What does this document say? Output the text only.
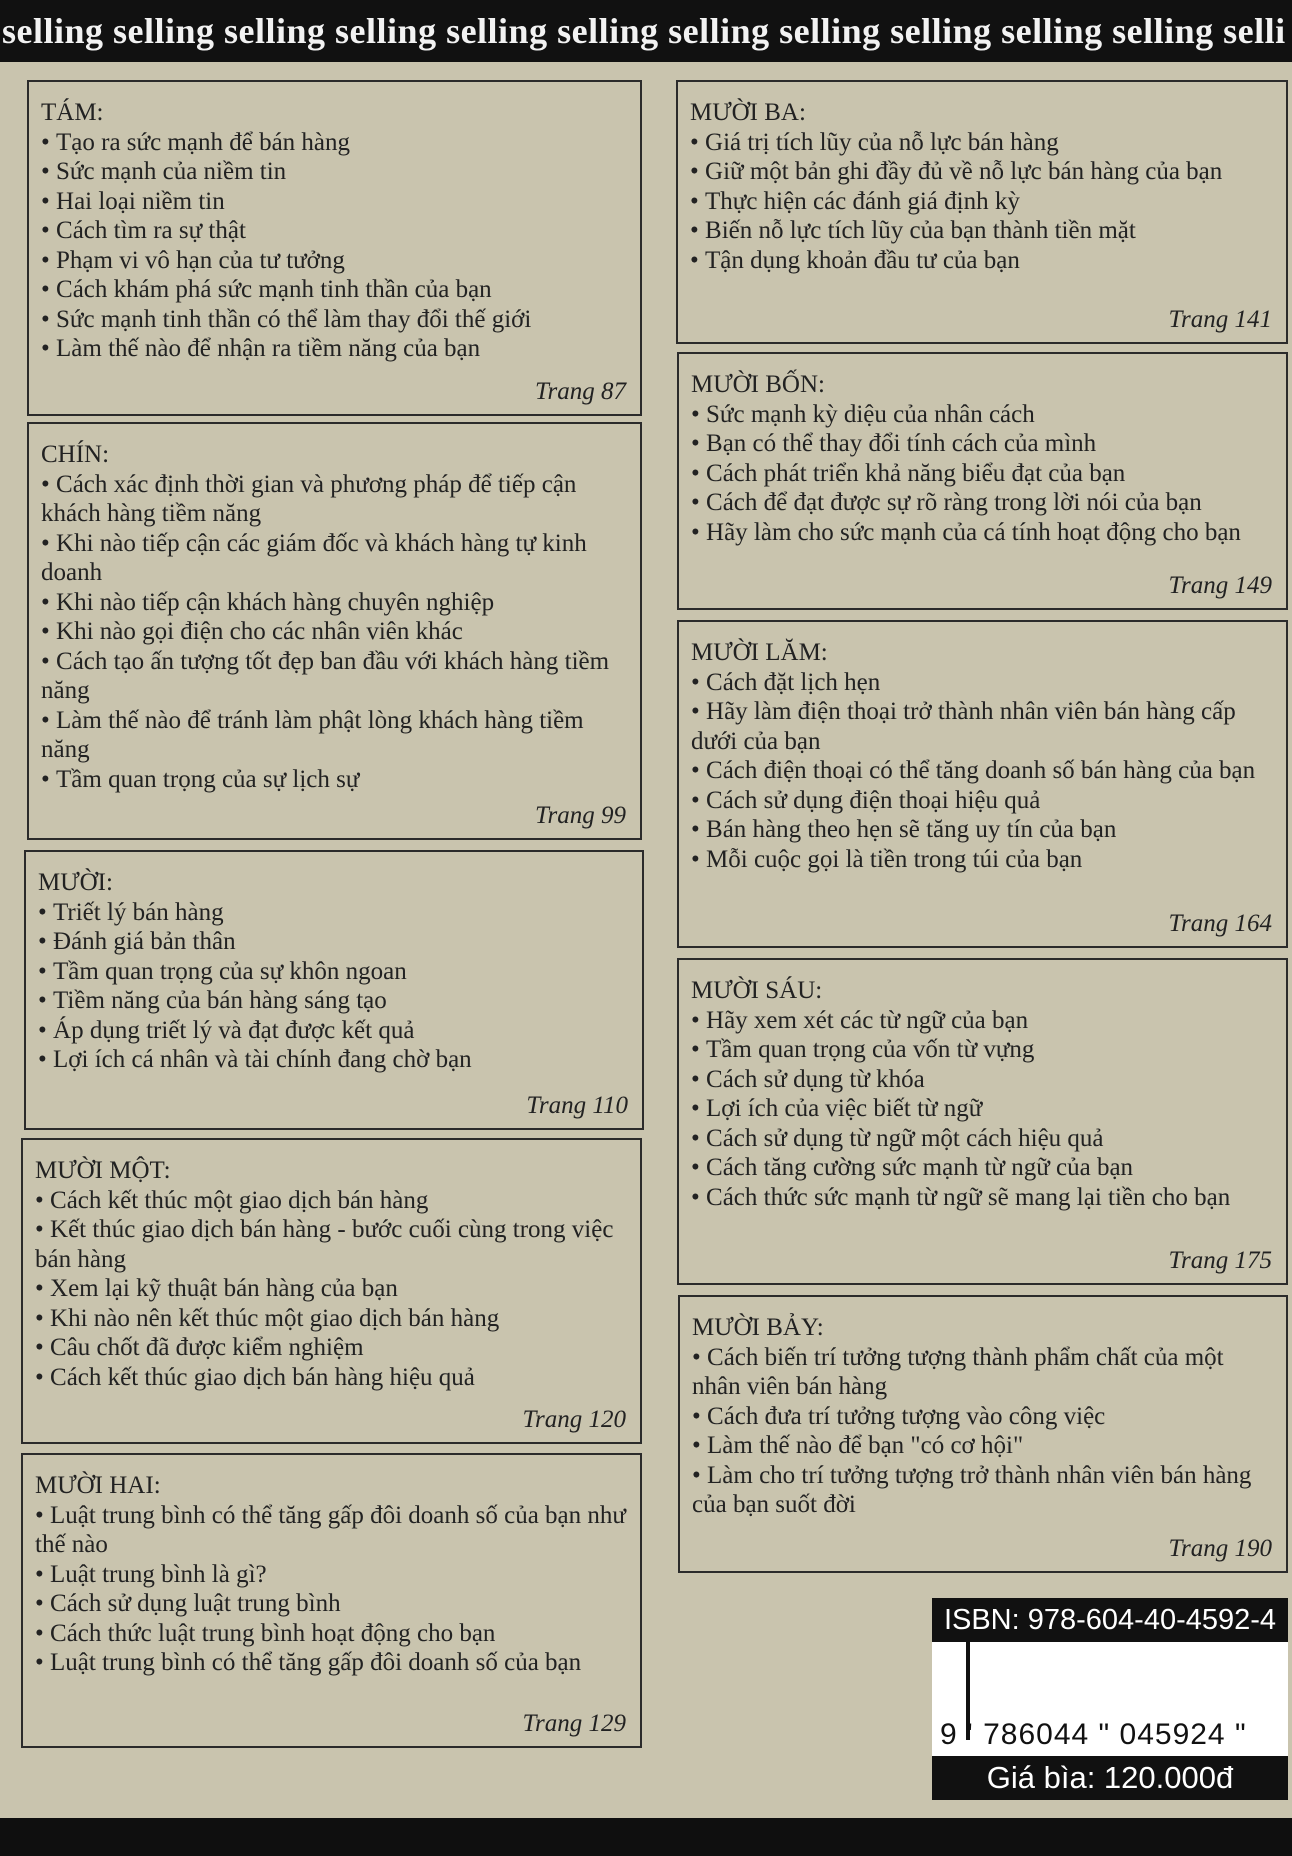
selling selling selling selling selling selling selling selling selling selling selling selli
TÁM:
• Tạo ra sức mạnh để bán hàng
• Sức mạnh của niềm tin
• Hai loại niềm tin
• Cách tìm ra sự thật
• Phạm vi vô hạn của tư tưởng
• Cách khám phá sức mạnh tinh thần của bạn
• Sức mạnh tinh thần có thể làm thay đổi thế giới
• Làm thế nào để nhận ra tiềm năng của bạn
Trang 87
CHÍN:
• Cách xác định thời gian và phương pháp để tiếp cận khách hàng tiềm năng
• Khi nào tiếp cận các giám đốc và khách hàng tự kinh doanh
• Khi nào tiếp cận khách hàng chuyên nghiệp
• Khi nào gọi điện cho các nhân viên khác
• Cách tạo ấn tượng tốt đẹp ban đầu với khách hàng tiềm năng
• Làm thế nào để tránh làm phật lòng khách hàng tiềm năng
• Tầm quan trọng của sự lịch sự
Trang 99
MƯỜI:
• Triết lý bán hàng
• Đánh giá bản thân
• Tầm quan trọng của sự khôn ngoan
• Tiềm năng của bán hàng sáng tạo
• Áp dụng triết lý và đạt được kết quả
• Lợi ích cá nhân và tài chính đang chờ bạn
Trang 110
MƯỜI MỘT:
• Cách kết thúc một giao dịch bán hàng
• Kết thúc giao dịch bán hàng - bước cuối cùng trong việc bán hàng
• Xem lại kỹ thuật bán hàng của bạn
• Khi nào nên kết thúc một giao dịch bán hàng
• Câu chốt đã được kiểm nghiệm
• Cách kết thúc giao dịch bán hàng hiệu quả
Trang 120
MƯỜI HAI:
• Luật trung bình có thể tăng gấp đôi doanh số của bạn như thế nào
• Luật trung bình là gì?
• Cách sử dụng luật trung bình
• Cách thức luật trung bình hoạt động cho bạn
• Luật trung bình có thể tăng gấp đôi doanh số của bạn
Trang 129
MƯỜI BA:
• Giá trị tích lũy của nỗ lực bán hàng
• Giữ một bản ghi đầy đủ về nỗ lực bán hàng của bạn
• Thực hiện các đánh giá định kỳ
• Biến nỗ lực tích lũy của bạn thành tiền mặt
• Tận dụng khoản đầu tư của bạn
Trang 141
MƯỜI BỐN:
• Sức mạnh kỳ diệu của nhân cách
• Bạn có thể thay đổi tính cách của mình
• Cách phát triển khả năng biểu đạt của bạn
• Cách để đạt được sự rõ ràng trong lời nói của bạn
• Hãy làm cho sức mạnh của cá tính hoạt động cho bạn
Trang 149
MƯỜI LĂM:
• Cách đặt lịch hẹn
• Hãy làm điện thoại trở thành nhân viên bán hàng cấp dưới của bạn
• Cách điện thoại có thể tăng doanh số bán hàng của bạn
• Cách sử dụng điện thoại hiệu quả
• Bán hàng theo hẹn sẽ tăng uy tín của bạn
• Mỗi cuộc gọi là tiền trong túi của bạn
Trang 164
MƯỜI SÁU:
• Hãy xem xét các từ ngữ của bạn
• Tầm quan trọng của vốn từ vựng
• Cách sử dụng từ khóa
• Lợi ích của việc biết từ ngữ
• Cách sử dụng từ ngữ một cách hiệu quả
• Cách tăng cường sức mạnh từ ngữ của bạn
• Cách thức sức mạnh từ ngữ sẽ mang lại tiền cho bạn
Trang 175
MƯỜI BẢY:
• Cách biến trí tưởng tượng thành phẩm chất của một nhân viên bán hàng
• Cách đưa trí tưởng tượng vào công việc
• Làm thế nào để bạn "có cơ hội"
• Làm cho trí tưởng tượng trở thành nhân viên bán hàng của bạn suốt đời
Trang 190
ISBN: 978-604-40-4592-4
9 ' 786044 " 045924 "
Giá bìa: 120.000đ
